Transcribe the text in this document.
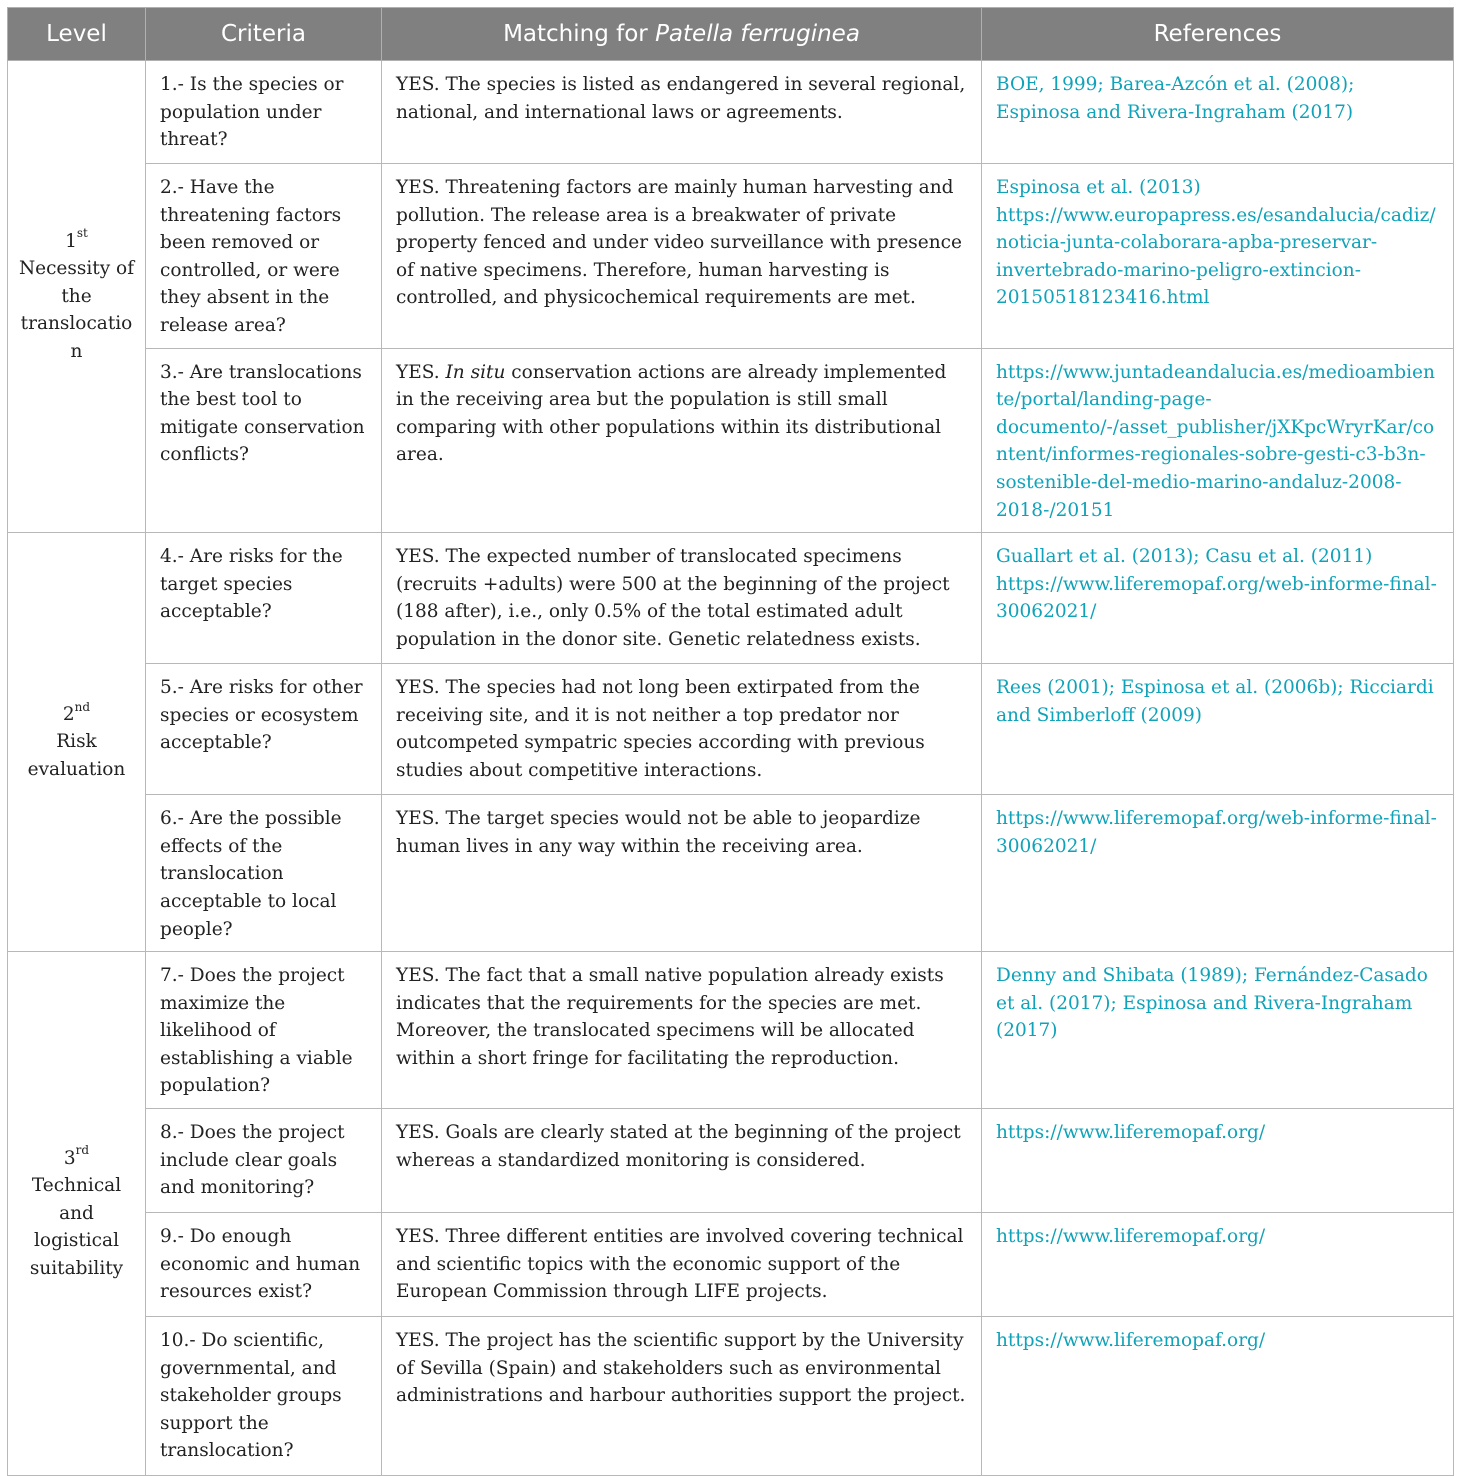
Level	Criteria	Matching for Patella ferruginea	References

1st
Necessity of the translocation	1.- Is the species or population under threat?	YES. The species is listed as endangered in several regional, national, and international laws or agreements.	BOE, 1999; Barea-Azcón et al. (2008); Espinosa and Rivera-Ingraham (2017)
	2.- Have the threatening factors been removed or controlled, or were they absent in the release area?	YES. Threatening factors are mainly human harvesting and pollution. The release area is a breakwater of private property fenced and under video surveillance with presence of native specimens. Therefore, human harvesting is controlled, and physicochemical requirements are met.	Espinosa et al. (2013) https://www.europapress.es/esandalucia/cadiz/noticia-junta-colaborara-apba-preservar-invertebrado-marino-peligro-extincion-20150518123416.html
	3.- Are translocations the best tool to mitigate conservation conflicts?	YES. In situ conservation actions are already implemented in the receiving area but the population is still small comparing with other populations within its distributional area.	https://www.juntadeandalucia.es/medioambiente/portal/landing-page-documento/-/asset_publisher/jXKpcWryrKar/content/informes-regionales-sobre-gesti-c3-b3n-sostenible-del-medio-marino-andaluz-2008-2018-/20151

2nd
Risk evaluation	4.- Are risks for the target species acceptable?	YES. The expected number of translocated specimens (recruits +adults) were 500 at the beginning of the project (188 after), i.e., only 0.5% of the total estimated adult population in the donor site. Genetic relatedness exists.	Guallart et al. (2013); Casu et al. (2011) https://www.liferemopaf.org/web-informe-final-30062021/
	5.- Are risks for other species or ecosystem acceptable?	YES. The species had not long been extirpated from the receiving site, and it is not neither a top predator nor outcompeted sympatric species according with previous studies about competitive interactions.	Rees (2001); Espinosa et al. (2006b); Ricciardi and Simberloff (2009)
	6.- Are the possible effects of the translocation acceptable to local people?	YES. The target species would not be able to jeopardize human lives in any way within the receiving area.	https://www.liferemopaf.org/web-informe-final-30062021/

3rd
Technical and logistical suitability	7.- Does the project maximize the likelihood of establishing a viable population?	YES. The fact that a small native population already exists indicates that the requirements for the species are met. Moreover, the translocated specimens will be allocated within a short fringe for facilitating the reproduction.	Denny and Shibata (1989); Fernández-Casado et al. (2017); Espinosa and Rivera-Ingraham (2017)
	8.- Does the project include clear goals and monitoring?	YES. Goals are clearly stated at the beginning of the project whereas a standardized monitoring is considered.	https://www.liferemopaf.org/
	9.- Do enough economic and human resources exist?	YES. Three different entities are involved covering technical and scientific topics with the economic support of the European Commission through LIFE projects.	https://www.liferemopaf.org/
	10.- Do scientific, governmental, and stakeholder groups support the translocation?	YES. The project has the scientific support by the University of Sevilla (Spain) and stakeholders such as environmental administrations and harbour authorities support the project.	https://www.liferemopaf.org/
